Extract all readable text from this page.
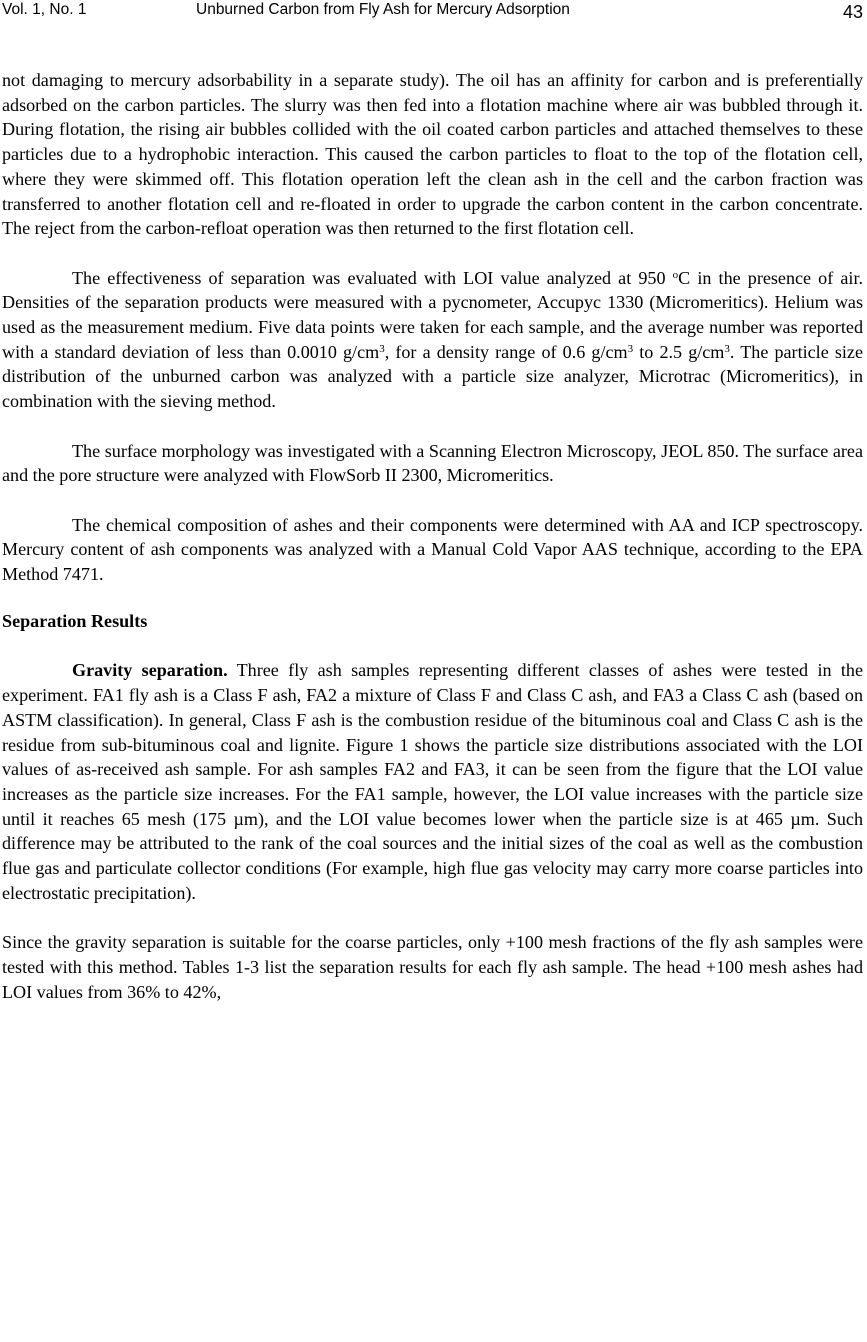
Vol. 1, No. 1	Unburned Carbon from Fly Ash for Mercury Adsorption	43

not damaging to mercury adsorbability in a separate study). The oil has an affinity for carbon and is preferentially adsorbed on the carbon particles. The slurry was then fed into a flotation machine where air was bubbled through it. During flotation, the rising air bubbles collided with the oil coated carbon particles and attached themselves to these particles due to a hydrophobic interaction. This caused the carbon particles to float to the top of the flotation cell, where they were skimmed off. This flotation operation left the clean ash in the cell and the carbon fraction was transferred to another flotation cell and re-floated in order to upgrade the carbon content in the carbon concentrate. The reject from the carbon-refloat operation was then returned to the first flotation cell.

The effectiveness of separation was evaluated with LOI value analyzed at 950 $^o$C in the presence of air. Densities of the separation products were measured with a pycnometer, Accupyc 1330 (Micromeritics). Helium was used as the measurement medium. Five data points were taken for each sample, and the average number was reported with a standard deviation of less than 0.0010 $g/cm^3$, for a density range of 0.6 $g/cm^3$ to 2.5 $g/cm^3$. The particle size distribution of the unburned carbon was analyzed with a particle size analyzer, Microtrac (Micromeritics), in combination with the sieving method.

The surface morphology was investigated with a Scanning Electron Microscopy, JEOL 850. The surface area and the pore structure were analyzed with FlowSorb II 2300, Micromeritics.

The chemical composition of ashes and their components were determined with AA and ICP spectroscopy. Mercury content of ash components was analyzed with a Manual Cold Vapor AAS technique, according to the EPA Method 7471.

Separation Results

Gravity separation. Three fly ash samples representing different classes of ashes were tested in the experiment. FA1 fly ash is a Class F ash, FA2 a mixture of Class F and Class C ash, and FA3 a Class C ash (based on ASTM classification). In general, Class F ash is the combustion residue of the bituminous coal and Class C ash is the residue from sub-bituminous coal and lignite. Figure 1 shows the particle size distributions associated with the LOI values of as-received ash sample. For ash samples FA2 and FA3, it can be seen from the figure that the LOI value increases as the particle size increases. For the FA1 sample, however, the LOI value increases with the particle size until it reaches 65 mesh (175 µm), and the LOI value becomes lower when the particle size is at 465 µm. Such difference may be attributed to the rank of the coal sources and the initial sizes of the coal as well as the combustion flue gas and particulate collector conditions (For example, high flue gas velocity may carry more coarse particles into electrostatic precipitation).

Since the gravity separation is suitable for the coarse particles, only +100 mesh fractions of the fly ash samples were tested with this method. Tables 1-3 list the separation results for each fly ash sample. The head +100 mesh ashes had LOI values from 36% to 42%,
